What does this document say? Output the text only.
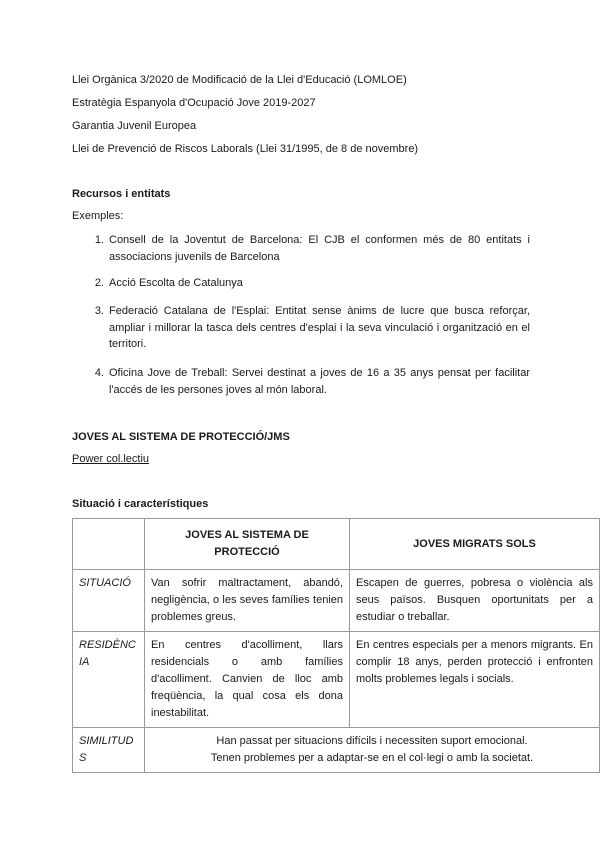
Llei Orgànica 3/2020 de Modificació de la Llei d'Educació (LOMLOE)
Estratègia Espanyola d'Ocupació Jove 2019-2027
Garantia Juvenil Europea
Llei de Prevenció de Riscos Laborals (Llei 31/1995, de 8 de novembre)
Recursos i entitats
Exemples:
1. Consell de la Joventut de Barcelona: El CJB el conformen més de 80 entitats i associacions juvenils de Barcelona
2. Acció Escolta de Catalunya
3. Federació Catalana de l'Esplai: Entitat sense ànims de lucre que busca reforçar, ampliar i millorar la tasca dels centres d'esplai i la seva vinculació i organització en el territori.
4. Oficina Jove de Treball: Servei destinat a joves de 16 a 35 anys pensat per facilitar l'accés de les persones joves al món laboral.
JOVES AL SISTEMA DE PROTECCIÓ/JMS
Power col.lectiu
Situació i característiques
	JOVES AL SISTEMA DE PROTECCIÓ	JOVES MIGRATS SOLS
SITUACIÓ	Van sofrir maltractament, abandó, negligència, o les seves famílies tenien problemes greus.	Escapen de guerres, pobresa o violència als seus països. Busquen oportunitats per a estudiar o treballar.
RESIDÈNCIA	En centres d'acolliment, llars residencials o amb famílies d'acolliment. Canvien de lloc amb freqüència, la qual cosa els dona inestabilitat.	En centres especials per a menors migrants. En complir 18 anys, perden protecció i enfronten molts problemes legals i socials.
SIMILITUDS	Han passat per situacions difícils i necessiten suport emocional.
Tenen problemes per a adaptar-se en el col·legi o amb la societat.	
